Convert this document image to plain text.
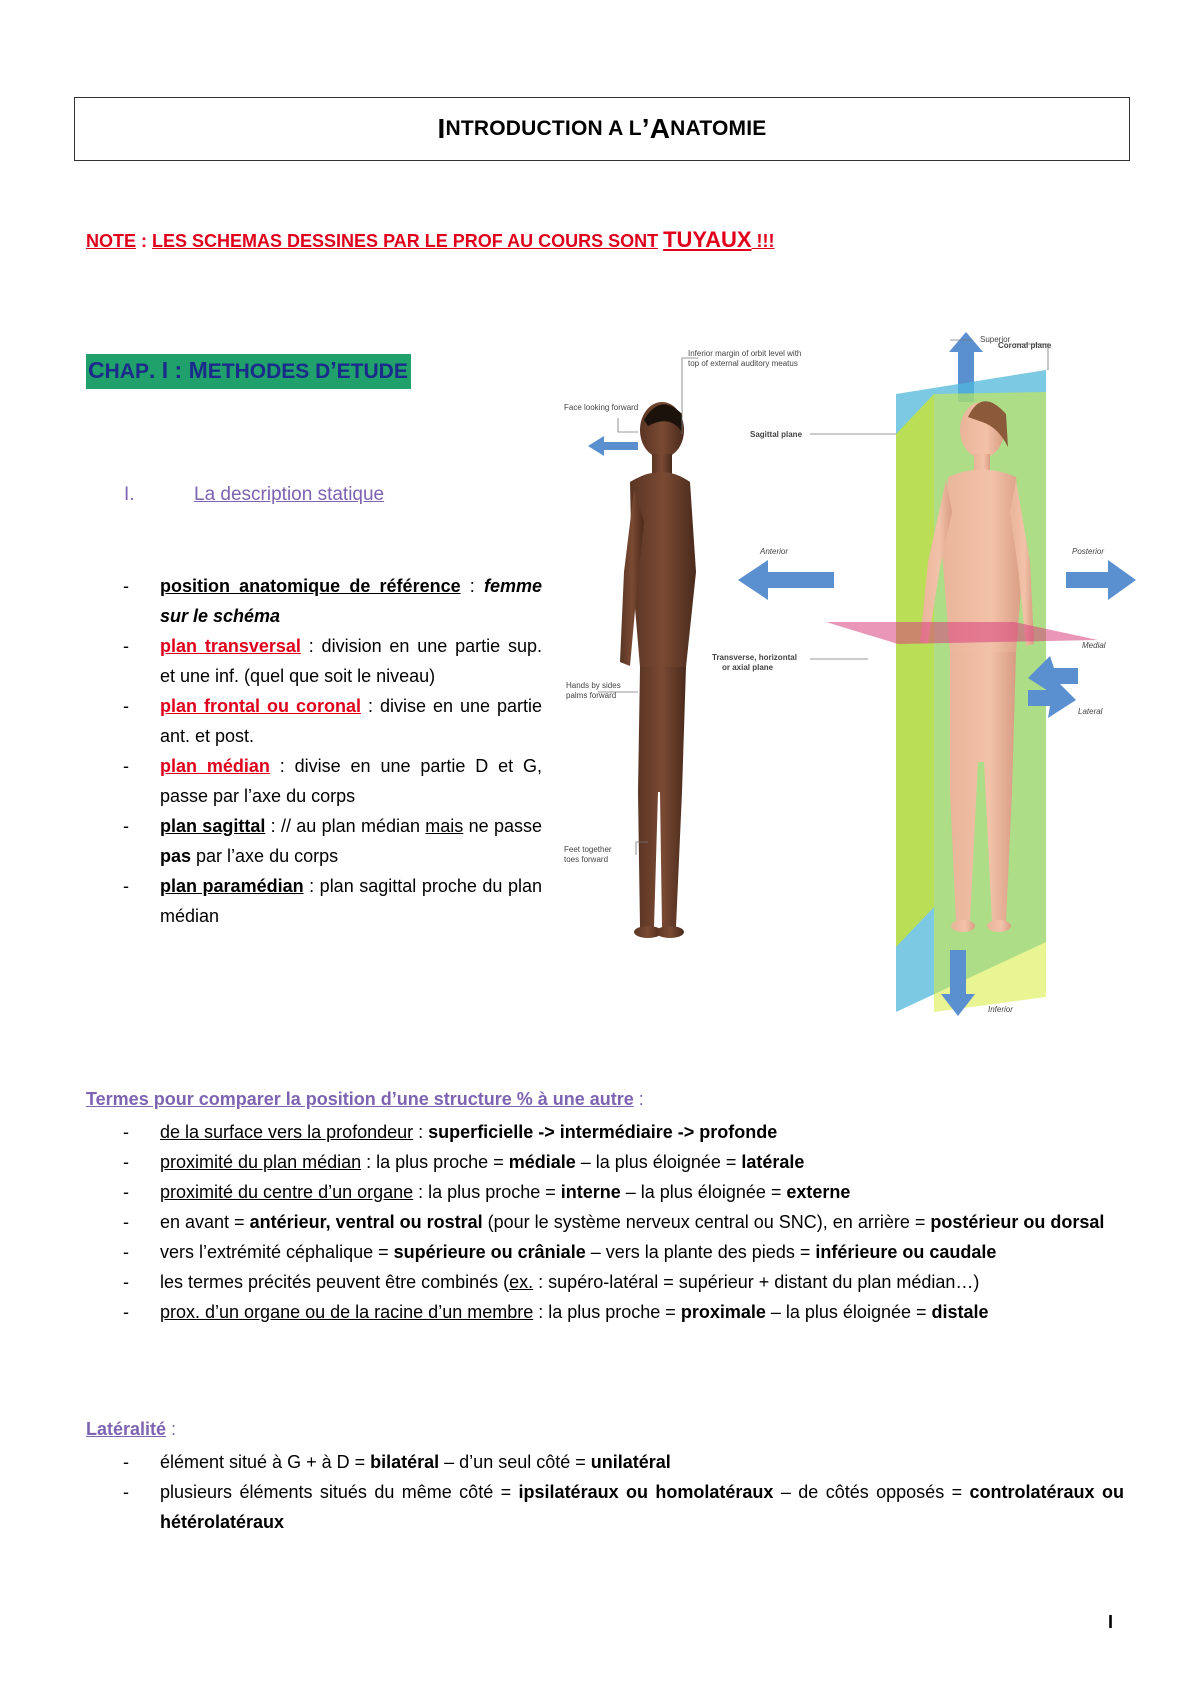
I NTRODUCTION A L ’ A NATOMIE
NOTE : LES SCHEMAS DESSINES PAR LE PROF AU COURS SONT TUYAUX !!!
CHAP. I : METHODES D’ETUDE
I.	La description statique
- position anatomique de référence : femme sur le schéma
- plan transversal : division en une partie sup. et une inf. (quel que soit le niveau)
- plan frontal ou coronal : divise en une partie ant. et post.
- plan médian : divise en une partie D et G, passe par l’axe du corps
- plan sagittal : // au plan médian mais ne passe pas par l’axe du corps
- plan paramédian : plan sagittal proche du plan médian
Superior
Coronal plane
Inferior margin of orbit level with
top of external auditory meatus
Face looking forward
Sagittal plane
Anterior	Posterior
Medial
Transverse, horizontal
or axial plane
Hands by sides
palms forward
Lateral
Feet together
toes forward
Inferior
Termes pour comparer la position d’une structure % à une autre :
- de la surface vers la profondeur : superficielle -> intermédiaire -> profonde
- proximité du plan médian : la plus proche = médiale – la plus éloignée = latérale
- proximité du centre d’un organe : la plus proche = interne – la plus éloignée = externe
- en avant = antérieur, ventral ou rostral (pour le système nerveux central ou SNC), en arrière = postérieur ou dorsal
- vers l’extrémité céphalique = supérieure ou crâniale – vers la plante des pieds = inférieure ou caudale
- les termes précités peuvent être combinés (ex. : supéro-latéral = supérieur + distant du plan médian…)
- prox. d’un organe ou de la racine d’un membre : la plus proche = proximale – la plus éloignée = distale
Latéralité :
- élément situé à G + à D = bilatéral – d’un seul côté = unilatéral
- plusieurs éléments situés du même côté = ipsilatéraux ou homolatéraux – de côtés opposés = controlatéraux ou hétérolatéraux
I
